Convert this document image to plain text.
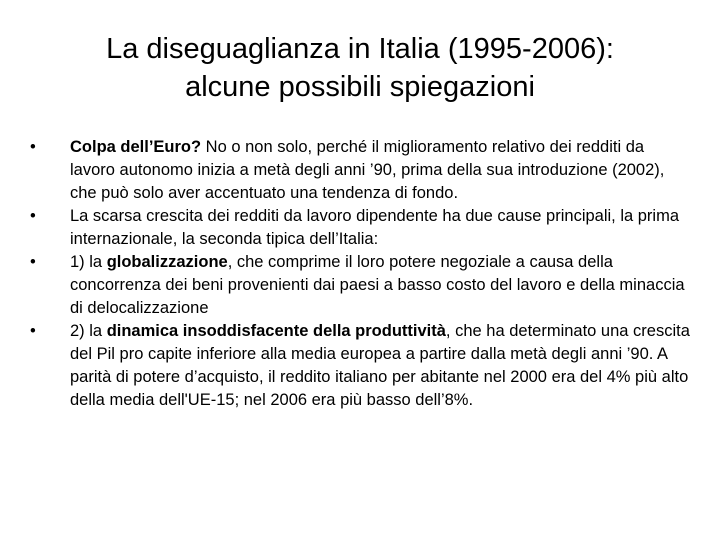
La diseguaglianza in Italia (1995-2006):
alcune possibili spiegazioni
•	Colpa dell’Euro? No o non solo, perché il miglioramento relativo dei redditi da lavoro autonomo inizia a metà degli anni ’90, prima della sua introduzione (2002), che può solo aver accentuato una tendenza di fondo.
•	La scarsa crescita dei redditi da lavoro dipendente ha due cause principali, la prima internazionale, la seconda tipica dell’Italia:
•	1) la globalizzazione, che comprime il loro potere negoziale a causa della concorrenza dei beni provenienti dai paesi a basso costo del lavoro e della minaccia di delocalizzazione
•	2) la dinamica insoddisfacente della produttività, che ha determinato una crescita del Pil pro capite inferiore alla media europea a partire dalla metà degli anni ’90. A parità di potere d’acquisto, il reddito italiano per abitante nel 2000 era del 4% più alto della media dell'UE-15; nel 2006 era più basso dell’8%.
